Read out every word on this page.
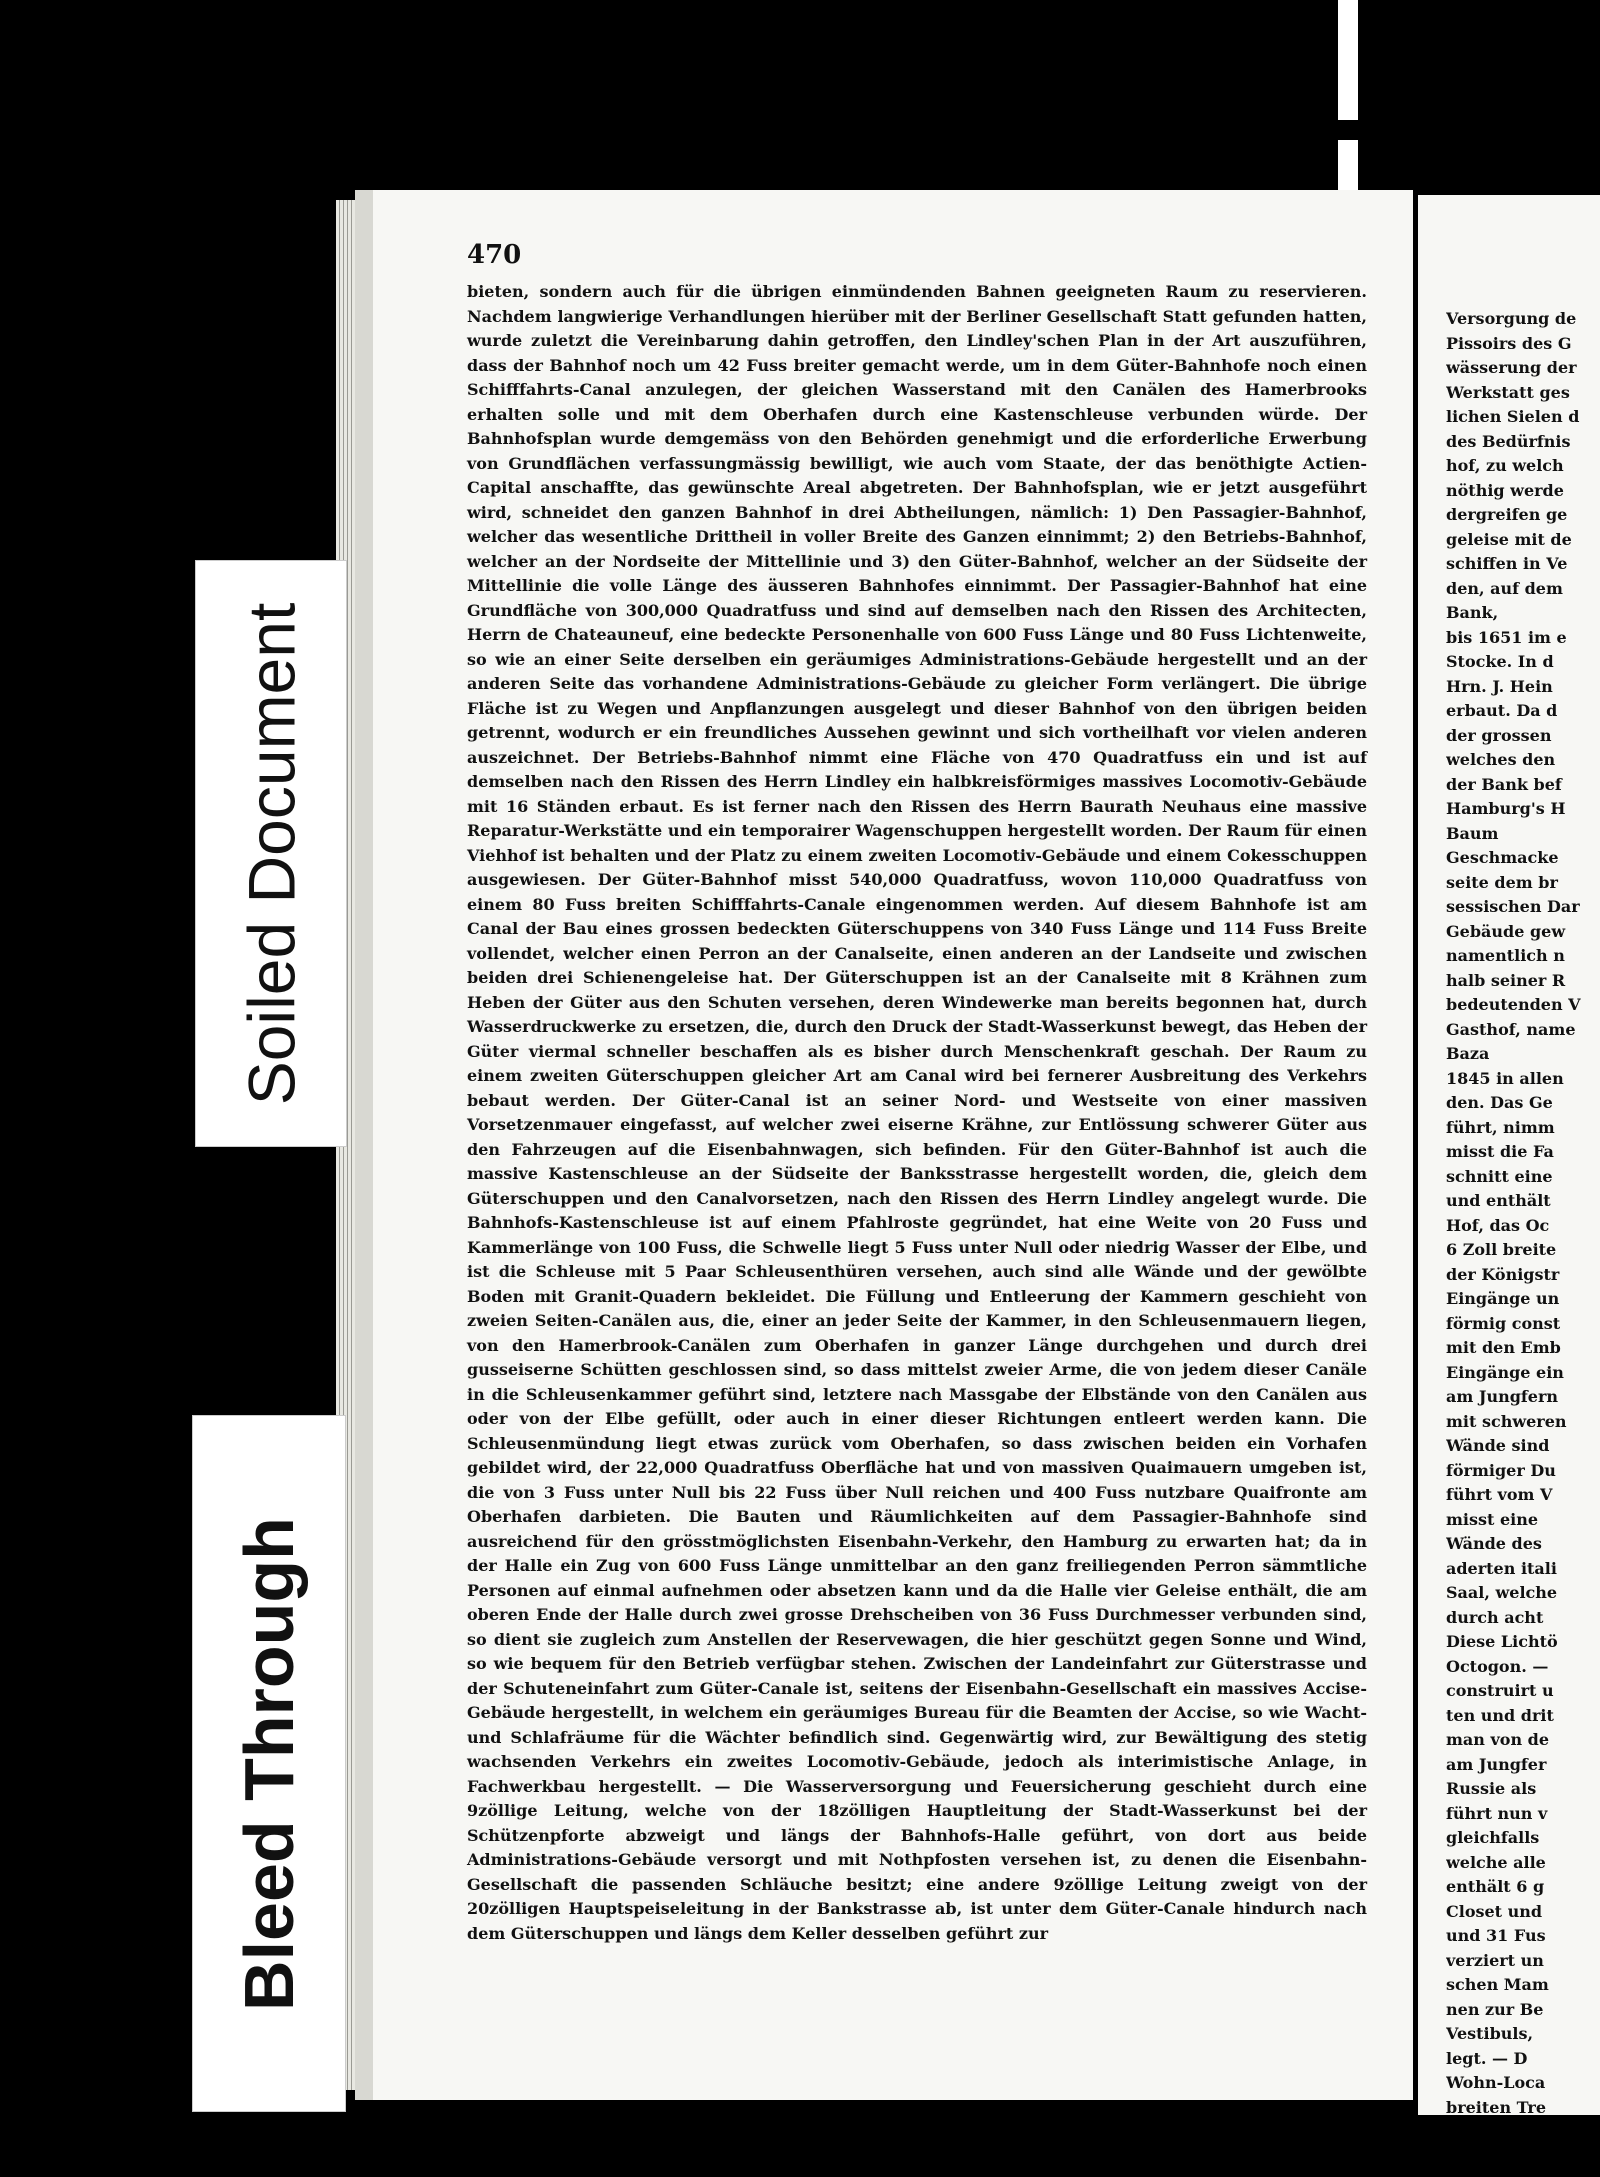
470
bieten, sondern auch für die übrigen einmündenden Bahnen geeigneten Raum zu reservieren. Nachdem langwierige Verhandlungen hierüber mit der Berliner Gesellschaft Statt gefunden hatten, wurde zuletzt die Vereinbarung dahin getroffen, den Lindley'schen Plan in der Art auszuführen, dass der Bahnhof noch um 42 Fuss breiter gemacht werde, um in dem Güter-Bahnhofe noch einen Schifffahrts-Canal anzulegen, der gleichen Wasserstand mit den Canälen des Hamerbrooks erhalten solle und mit dem Oberhafen durch eine Kastenschleuse verbunden würde. Der Bahnhofsplan wurde demgemäss von den Behörden genehmigt und die erforderliche Erwerbung von Grundflächen verfassungmässig bewilligt, wie auch vom Staate, der das benöthigte Actien-Capital anschaffte, das gewünschte Areal abgetreten. Der Bahnhofsplan, wie er jetzt ausgeführt wird, schneidet den ganzen Bahnhof in drei Abtheilungen, nämlich: 1) Den Passagier-Bahnhof, welcher das wesentliche Drittheil in voller Breite des Ganzen einnimmt; 2) den Betriebs-Bahnhof, welcher an der Nordseite der Mittellinie und 3) den Güter-Bahnhof, welcher an der Südseite der Mittellinie die volle Länge des äusseren Bahnhofes einnimmt. Der Passagier-Bahnhof hat eine Grundfläche von 300,000 Quadratfuss und sind auf demselben nach den Rissen des Architecten, Herrn de Chateauneuf, eine bedeckte Personenhalle von 600 Fuss Länge und 80 Fuss Lichtenweite, so wie an einer Seite derselben ein geräumiges Administrations-Gebäude hergestellt und an der anderen Seite das vorhandene Administrations-Gebäude zu gleicher Form verlängert. Die übrige Fläche ist zu Wegen und Anpflanzungen ausgelegt und dieser Bahnhof von den übrigen beiden getrennt, wodurch er ein freundliches Aussehen gewinnt und sich vortheilhaft vor vielen anderen auszeichnet. Der Betriebs-Bahnhof nimmt eine Fläche von 470 Quadratfuss ein und ist auf demselben nach den Rissen des Herrn Lindley ein halbkreisförmiges massives Locomotiv-Gebäude mit 16 Ständen erbaut. Es ist ferner nach den Rissen des Herrn Baurath Neuhaus eine massive Reparatur-Werkstätte und ein temporairer Wagenschuppen hergestellt worden. Der Raum für einen Viehhof ist behalten und der Platz zu einem zweiten Locomotiv-Gebäude und einem Cokesschuppen ausgewiesen. Der Güter-Bahnhof misst 540,000 Quadratfuss, wovon 110,000 Quadratfuss von einem 80 Fuss breiten Schifffahrts-Canale eingenommen werden. Auf diesem Bahnhofe ist am Canal der Bau eines grossen bedeckten Güterschuppens von 340 Fuss Länge und 114 Fuss Breite vollendet, welcher einen Perron an der Canalseite, einen anderen an der Landseite und zwischen beiden drei Schienengeleise hat. Der Güterschuppen ist an der Canalseite mit 8 Krähnen zum Heben der Güter aus den Schuten versehen, deren Windewerke man bereits begonnen hat, durch Wasserdruckwerke zu ersetzen, die, durch den Druck der Stadt-Wasserkunst bewegt, das Heben der Güter viermal schneller beschaffen als es bisher durch Menschenkraft geschah. Der Raum zu einem zweiten Güterschuppen gleicher Art am Canal wird bei fernerer Ausbreitung des Verkehrs bebaut werden. Der Güter-Canal ist an seiner Nord- und Westseite von einer massiven Vorsetzenmauer eingefasst, auf welcher zwei eiserne Krähne, zur Entlössung schwerer Güter aus den Fahrzeugen auf die Eisenbahnwagen, sich befinden. Für den Güter-Bahnhof ist auch die massive Kastenschleuse an der Südseite der Banksstrasse hergestellt worden, die, gleich dem Güterschuppen und den Canalvorsetzen, nach den Rissen des Herrn Lindley angelegt wurde. Die Bahnhofs-Kastenschleuse ist auf einem Pfahlroste gegründet, hat eine Weite von 20 Fuss und Kammerlänge von 100 Fuss, die Schwelle liegt 5 Fuss unter Null oder niedrig Wasser der Elbe, und ist die Schleuse mit 5 Paar Schleusenthüren versehen, auch sind alle Wände und der gewölbte Boden mit Granit-Quadern bekleidet. Die Füllung und Entleerung der Kammern geschieht von zweien Seiten-Canälen aus, die, einer an jeder Seite der Kammer, in den Schleusenmauern liegen, von den Hamerbrook-Canälen zum Oberhafen in ganzer Länge durchgehen und durch drei gusseiserne Schütten geschlossen sind, so dass mittelst zweier Arme, die von jedem dieser Canäle in die Schleusenkammer geführt sind, letztere nach Massgabe der Elbstände von den Canälen aus oder von der Elbe gefüllt, oder auch in einer dieser Richtungen entleert werden kann. Die Schleusenmündung liegt etwas zurück vom Oberhafen, so dass zwischen beiden ein Vorhafen gebildet wird, der 22,000 Quadratfuss Oberfläche hat und von massiven Quaimauern umgeben ist, die von 3 Fuss unter Null bis 22 Fuss über Null reichen und 400 Fuss nutzbare Quaifronte am Oberhafen darbieten. Die Bauten und Räumlichkeiten auf dem Passagier-Bahnhofe sind ausreichend für den grösstmöglichsten Eisenbahn-Verkehr, den Hamburg zu erwarten hat; da in der Halle ein Zug von 600 Fuss Länge unmittelbar an den ganz freiliegenden Perron sämmtliche Personen auf einmal aufnehmen oder absetzen kann und da die Halle vier Geleise enthält, die am oberen Ende der Halle durch zwei grosse Drehscheiben von 36 Fuss Durchmesser verbunden sind, so dient sie zugleich zum Anstellen der Reservewagen, die hier geschützt gegen Sonne und Wind, so wie bequem für den Betrieb verfügbar stehen. Zwischen der Landeinfahrt zur Güterstrasse und der Schuteneinfahrt zum Güter-Canale ist, seitens der Eisenbahn-Gesellschaft ein massives Accise-Gebäude hergestellt, in welchem ein geräumiges Bureau für die Beamten der Accise, so wie Wacht- und Schlafräume für die Wächter befindlich sind. Gegenwärtig wird, zur Bewältigung des stetig wachsenden Verkehrs ein zweites Locomotiv-Gebäude, jedoch als interimistische Anlage, in Fachwerkbau hergestellt. — Die Wasserversorgung und Feuersicherung geschieht durch eine 9zöllige Leitung, welche von der 18zölligen Hauptleitung der Stadt-Wasserkunst bei der Schützenpforte abzweigt und längs der Bahnhofs-Halle geführt, von dort aus beide Administrations-Gebäude versorgt und mit Nothpfosten versehen ist, zu denen die Eisenbahn-Gesellschaft die passenden Schläuche besitzt; eine andere 9zöllige Leitung zweigt von der 20zölligen Hauptspeiseleitung in der Bankstrasse ab, ist unter dem Güter-Canale hindurch nach dem Güterschuppen und längs dem Keller desselben geführt zur
Versorgung de
Pissoirs des G
wässerung der
Werkstatt ges
lichen Sielen d
des Bedürfnis
hof, zu welch
nöthig werde
dergreifen ge
geleise mit de
schiffen in Ve
den, auf dem
Bank,
bis 1651 im e
Stocke. In d
Hrn. J. Hein
erbaut. Da d
der grossen
welches den
der Bank bef
Hamburg's H
Baum
Geschmacke
seite dem br
sessischen Dar
Gebäude gew
namentlich n
halb seiner R
bedeutenden V
Gasthof, name
Baza
1845 in allen
den. Das Ge
führt, nimm
misst die Fa
schnitt eine
und enthält
Hof, das Oc
6 Zoll breite
der Königstr
Eingänge un
förmig const
mit den Emb
Eingänge ein
am Jungfern
mit schweren
Wände sind
förmiger Du
führt vom V
misst eine
Wände des
aderten itali
Saal, welche
durch acht
Diese Lichtö
Octogon. —
construirt u
ten und drit
man von de
am Jungfer
Russie als
führt nun v
gleichfalls
welche alle
enthält 6 g
Closet und
und 31 Fus
verziert un
schen Mam
nen zur Be
Vestibuls,
legt. — D
Wohn-Loca
breiten Tre
Soiled Document
Bleed Through
